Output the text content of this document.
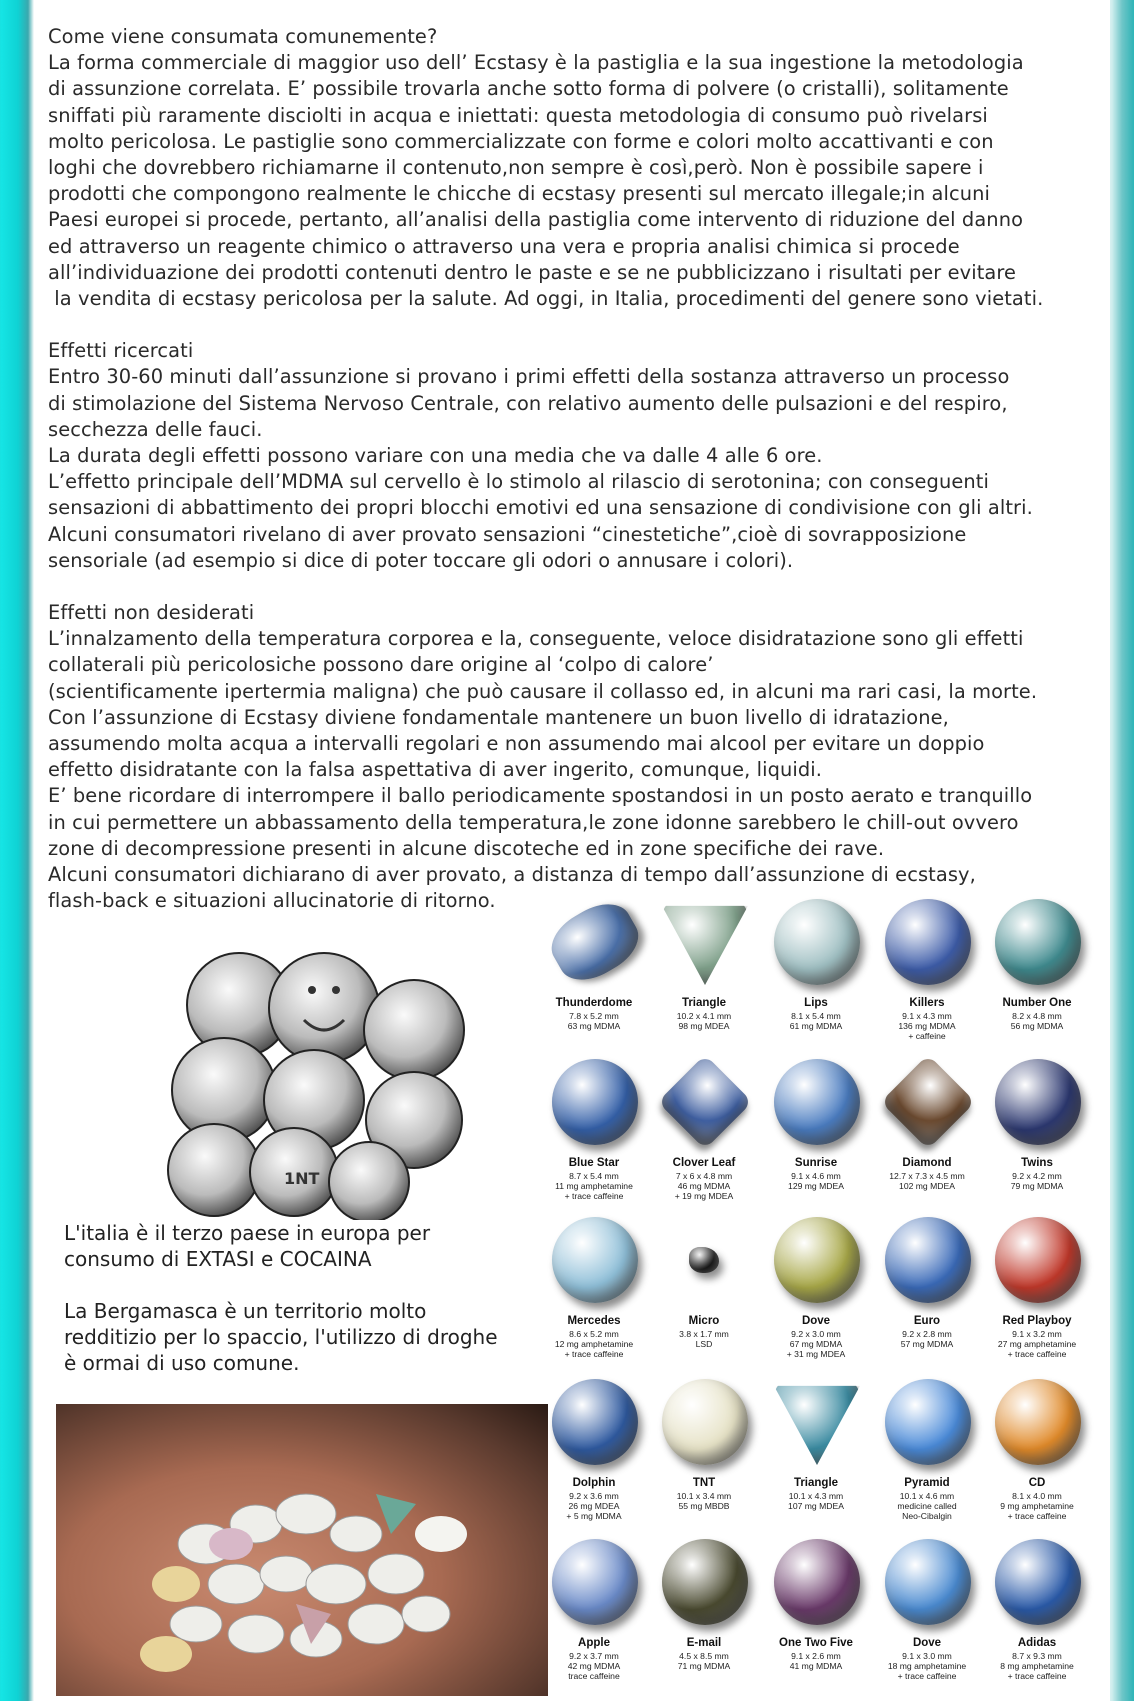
Come viene consumata comunemente?

La forma commerciale di maggior uso dell’ Ecstasy è la pastiglia e la sua ingestione la metodologia

di assunzione correlata. E’ possibile trovarla anche sotto forma di polvere (o cristalli), solitamente

sniffati più raramente disciolti in acqua e iniettati: questa metodologia di consumo può rivelarsi

molto pericolosa. Le pastiglie sono commercializzate con forme e colori molto accattivanti e con

loghi che dovrebbero richiamarne il contenuto,non sempre è così,però. Non è possibile sapere i

prodotti che compongono realmente le chicche di ecstasy presenti sul mercato illegale;in alcuni

Paesi europei si procede, pertanto, all’analisi della pastiglia come intervento di riduzione del danno

ed attraverso un reagente chimico o attraverso una vera e propria analisi chimica si procede

all’individuazione dei prodotti contenuti dentro le paste e se ne pubblicizzano i risultati per evitare

la vendita di ecstasy pericolosa per la salute. Ad oggi, in Italia, procedimenti del genere sono vietati.

Effetti ricercati

Entro 30-60 minuti dall’assunzione si provano i primi effetti della sostanza attraverso un processo

di stimolazione del Sistema Nervoso Centrale, con relativo aumento delle pulsazioni e del respiro,

secchezza delle fauci.

La durata degli effetti possono variare con una media che va dalle 4 alle 6 ore.

L’effetto principale dell’MDMA sul cervello è lo stimolo al rilascio di serotonina; con conseguenti

sensazioni di abbattimento dei propri blocchi emotivi ed una sensazione di condivisione con gli altri.

Alcuni consumatori rivelano di aver provato sensazioni “cinestetiche”,cioè di sovrapposizione

sensoriale (ad esempio si dice di poter toccare gli odori o annusare i colori).

Effetti non desiderati

L’innalzamento della temperatura corporea e la, conseguente, veloce disidratazione sono gli effetti

collaterali più pericolosiche possono dare origine al ‘colpo di calore’

(scientificamente ipertermia maligna) che può causare il collasso ed, in alcuni ma rari casi, la morte.

Con l’assunzione di Ecstasy diviene fondamentale mantenere un buon livello di idratazione,

assumendo molta acqua a intervalli regolari e non assumendo mai alcool per evitare un doppio

effetto disidratante con la falsa aspettativa di aver ingerito, comunque, liquidi.

E’ bene ricordare di interrompere il ballo periodicamente spostandosi in un posto aerato e tranquillo

in cui permettere un abbassamento della temperatura,le zone idonne sarebbero le chill-out ovvero

zone di decompressione presenti in alcune discoteche ed in zone specifiche dei rave.

Alcuni consumatori dichiarano di aver provato, a distanza di tempo dall’assunzione di ecstasy,

flash-back e situazioni allucinatorie di ritorno.

1NT

L'italia è il terzo paese in europa per

consumo di EXTASI e COCAINA

La Bergamasca è un territorio molto

redditizio per lo spaccio, l'utilizzo di droghe

è ormai di uso comune.

Thunderdome
7.8 x 5.2 mm
63 mg MDMA
Triangle
10.2 x 4.1 mm
98 mg MDEA
Lips
8.1 x 5.4 mm
61 mg MDMA
Killers
9.1 x 4.3 mm
136 mg MDMA
+ caffeine
Number One
8.2 x 4.8 mm
56 mg MDMA
Blue Star
8.7 x 5.4 mm
11 mg amphetamine
+ trace caffeine
Clover Leaf
7 x 6 x 4.8 mm
46 mg MDMA
+ 19 mg MDEA
Sunrise
9.1 x 4.6 mm
129 mg MDEA
Diamond
12.7 x 7.3 x 4.5 mm
102 mg MDEA
Twins
9.2 x 4.2 mm
79 mg MDMA
Mercedes
8.6 x 5.2 mm
12 mg amphetamine
+ trace caffeine
Micro
3.8 x 1.7 mm
LSD
Dove
9.2 x 3.0 mm
67 mg MDMA
+ 31 mg MDEA
Euro
9.2 x 2.8 mm
57 mg MDMA
Red Playboy
9.1 x 3.2 mm
27 mg amphetamine
+ trace caffeine
Dolphin
9.2 x 3.6 mm
26 mg MDEA
+ 5 mg MDMA
TNT
10.1 x 3.4 mm
55 mg MBDB
Triangle
10.1 x 4.3 mm
107 mg MDEA
Pyramid
10.1 x 4.6 mm
medicine called
Neo-Cibalgin
CD
8.1 x 4.0 mm
9 mg amphetamine
+ trace caffeine
Apple
9.2 x 3.7 mm
42 mg MDMA
trace caffeine
E-mail
4.5 x 8.5 mm
71 mg MDMA
One Two Five
9.1 x 2.6 mm
41 mg MDMA
Dove
9.1 x 3.0 mm
18 mg amphetamine
+ trace caffeine
Adidas
8.7 x 9.3 mm
8 mg amphetamine
+ trace caffeine
